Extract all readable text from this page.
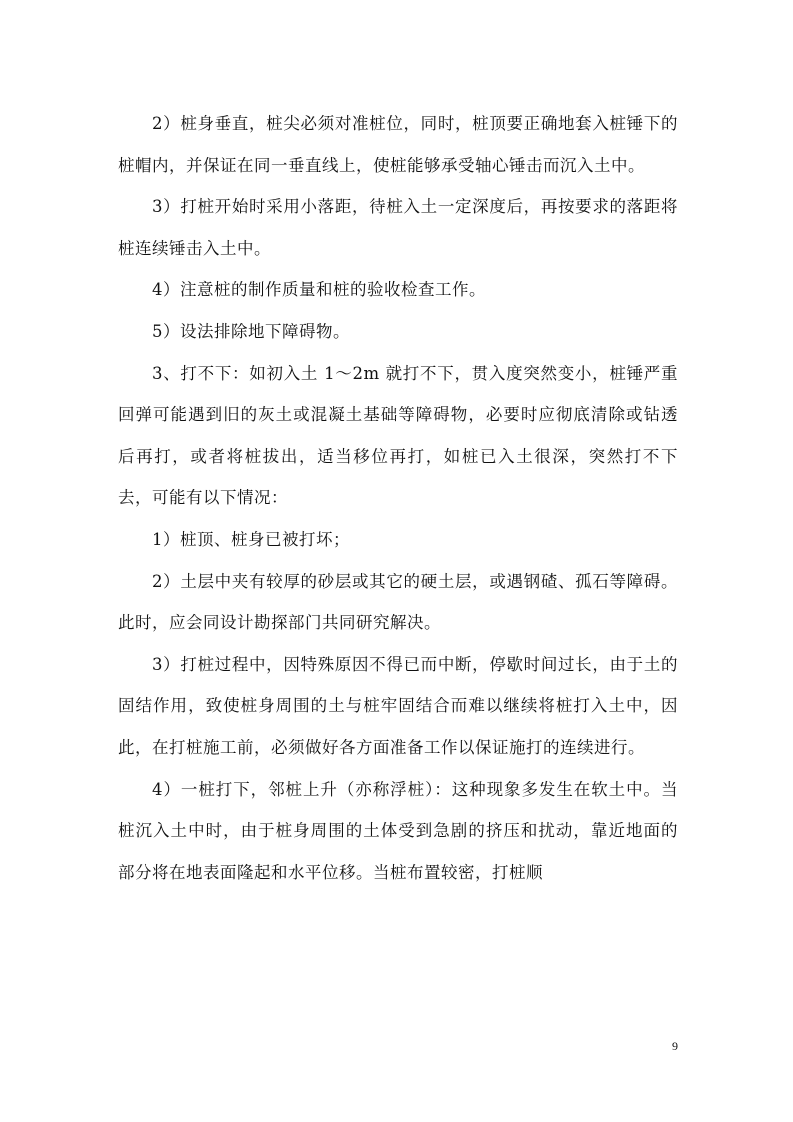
2）桩身垂直，桩尖必须对准桩位，同时，桩顶要正确地套入桩锤下的桩帽内，并保证在同一垂直线上，使桩能够承受轴心锤击而沉入土中。

3）打桩开始时采用小落距，待桩入土一定深度后，再按要求的落距将桩连续锤击入土中。

4）注意桩的制作质量和桩的验收检查工作。

5）设法排除地下障碍物。

3、打不下：如初入土 1～2m 就打不下，贯入度突然变小，桩锤严重回弹可能遇到旧的灰土或混凝土基础等障碍物，必要时应彻底清除或钻透后再打，或者将桩拔出，适当移位再打，如桩已入土很深，突然打不下去，可能有以下情况：

1）桩顶、桩身已被打坏；

2）土层中夹有较厚的砂层或其它的硬土层，或遇钢碴、孤石等障碍。此时，应会同设计勘探部门共同研究解决。

3）打桩过程中，因特殊原因不得已而中断，停歇时间过长，由于土的固结作用，致使桩身周围的土与桩牢固结合而难以继续将桩打入土中，因此，在打桩施工前，必须做好各方面准备工作以保证施打的连续进行。

4）一桩打下，邻桩上升（亦称浮桩）：这种现象多发生在软土中。当桩沉入土中时，由于桩身周围的土体受到急剧的挤压和扰动，靠近地面的部分将在地表面隆起和水平位移。当桩布置较密，打桩顺

9
